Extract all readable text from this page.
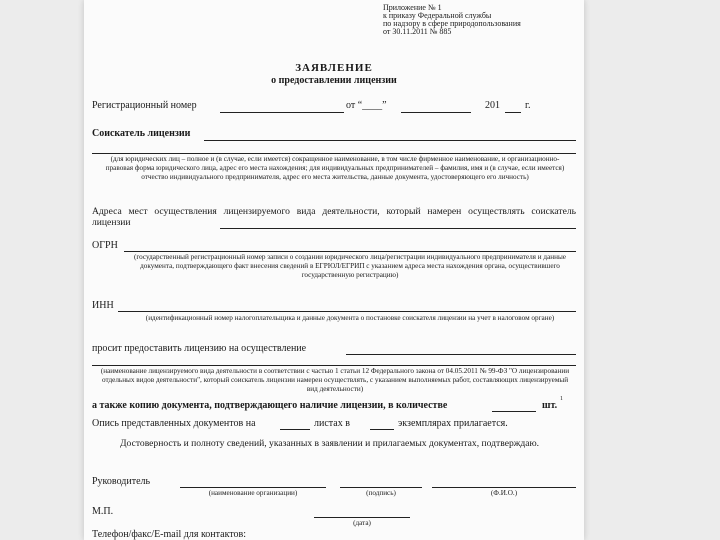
Приложение № 1
к приказу Федеральной службы
по надзору в сфере природопользования
от 30.11.2011 № 885
ЗАЯВЛЕНИЕ
о предоставлении лицензии
Регистрационный номер	от “____”	201	г.
Соискатель лицензии
(для юридических лиц – полное и (в случае, если имеется) сокращенное наименование, в том числе фирменное наименование, и организационно-правовая форма юридического лица, адрес его места нахождения; для индивидуальных предпринимателей – фамилия, имя и (в случае, если имеется) отчество индивидуального предпринимателя, адрес его места жительства, данные документа, удостоверяющего его личность)
Адреса мест осуществления лицензируемого вида деятельности, который намерен осуществлять соискатель лицензии
ОГРН
(государственный регистрационный номер записи о создании юридического лица/регистрации индивидуального предпринимателя и данные документа, подтверждающего факт внесения сведений в ЕГРЮЛ/ЕГРИП с указанием адреса места нахождения органа, осуществившего государственную регистрацию)
ИНН
(идентификационный номер налогоплательщика и данные документа о постановке соискателя лицензии на учет в налоговом органе)
просит предоставить лицензию на осуществление
(наименование лицензируемого вида деятельности в соответствии с частью 1 статьи 12 Федерального закона от 04.05.2011 № 99-ФЗ "О лицензировании отдельных видов деятельности", который соискатель лицензии намерен осуществлять, с указанием выполняемых работ, составляющих лицензируемый вид деятельности)
а также копию документа, подтверждающего наличие лицензии, в количестве	шт.
1
Опись представленных документов на	листах в	экземплярах прилагается.
Достоверность и полноту сведений, указанных в заявлении и прилагаемых документах, подтверждаю.
Руководитель
(наименование организации)	(подпись)	(Ф.И.О.)
М.П.
(дата)
Телефон/факс/E-mail для контактов:
